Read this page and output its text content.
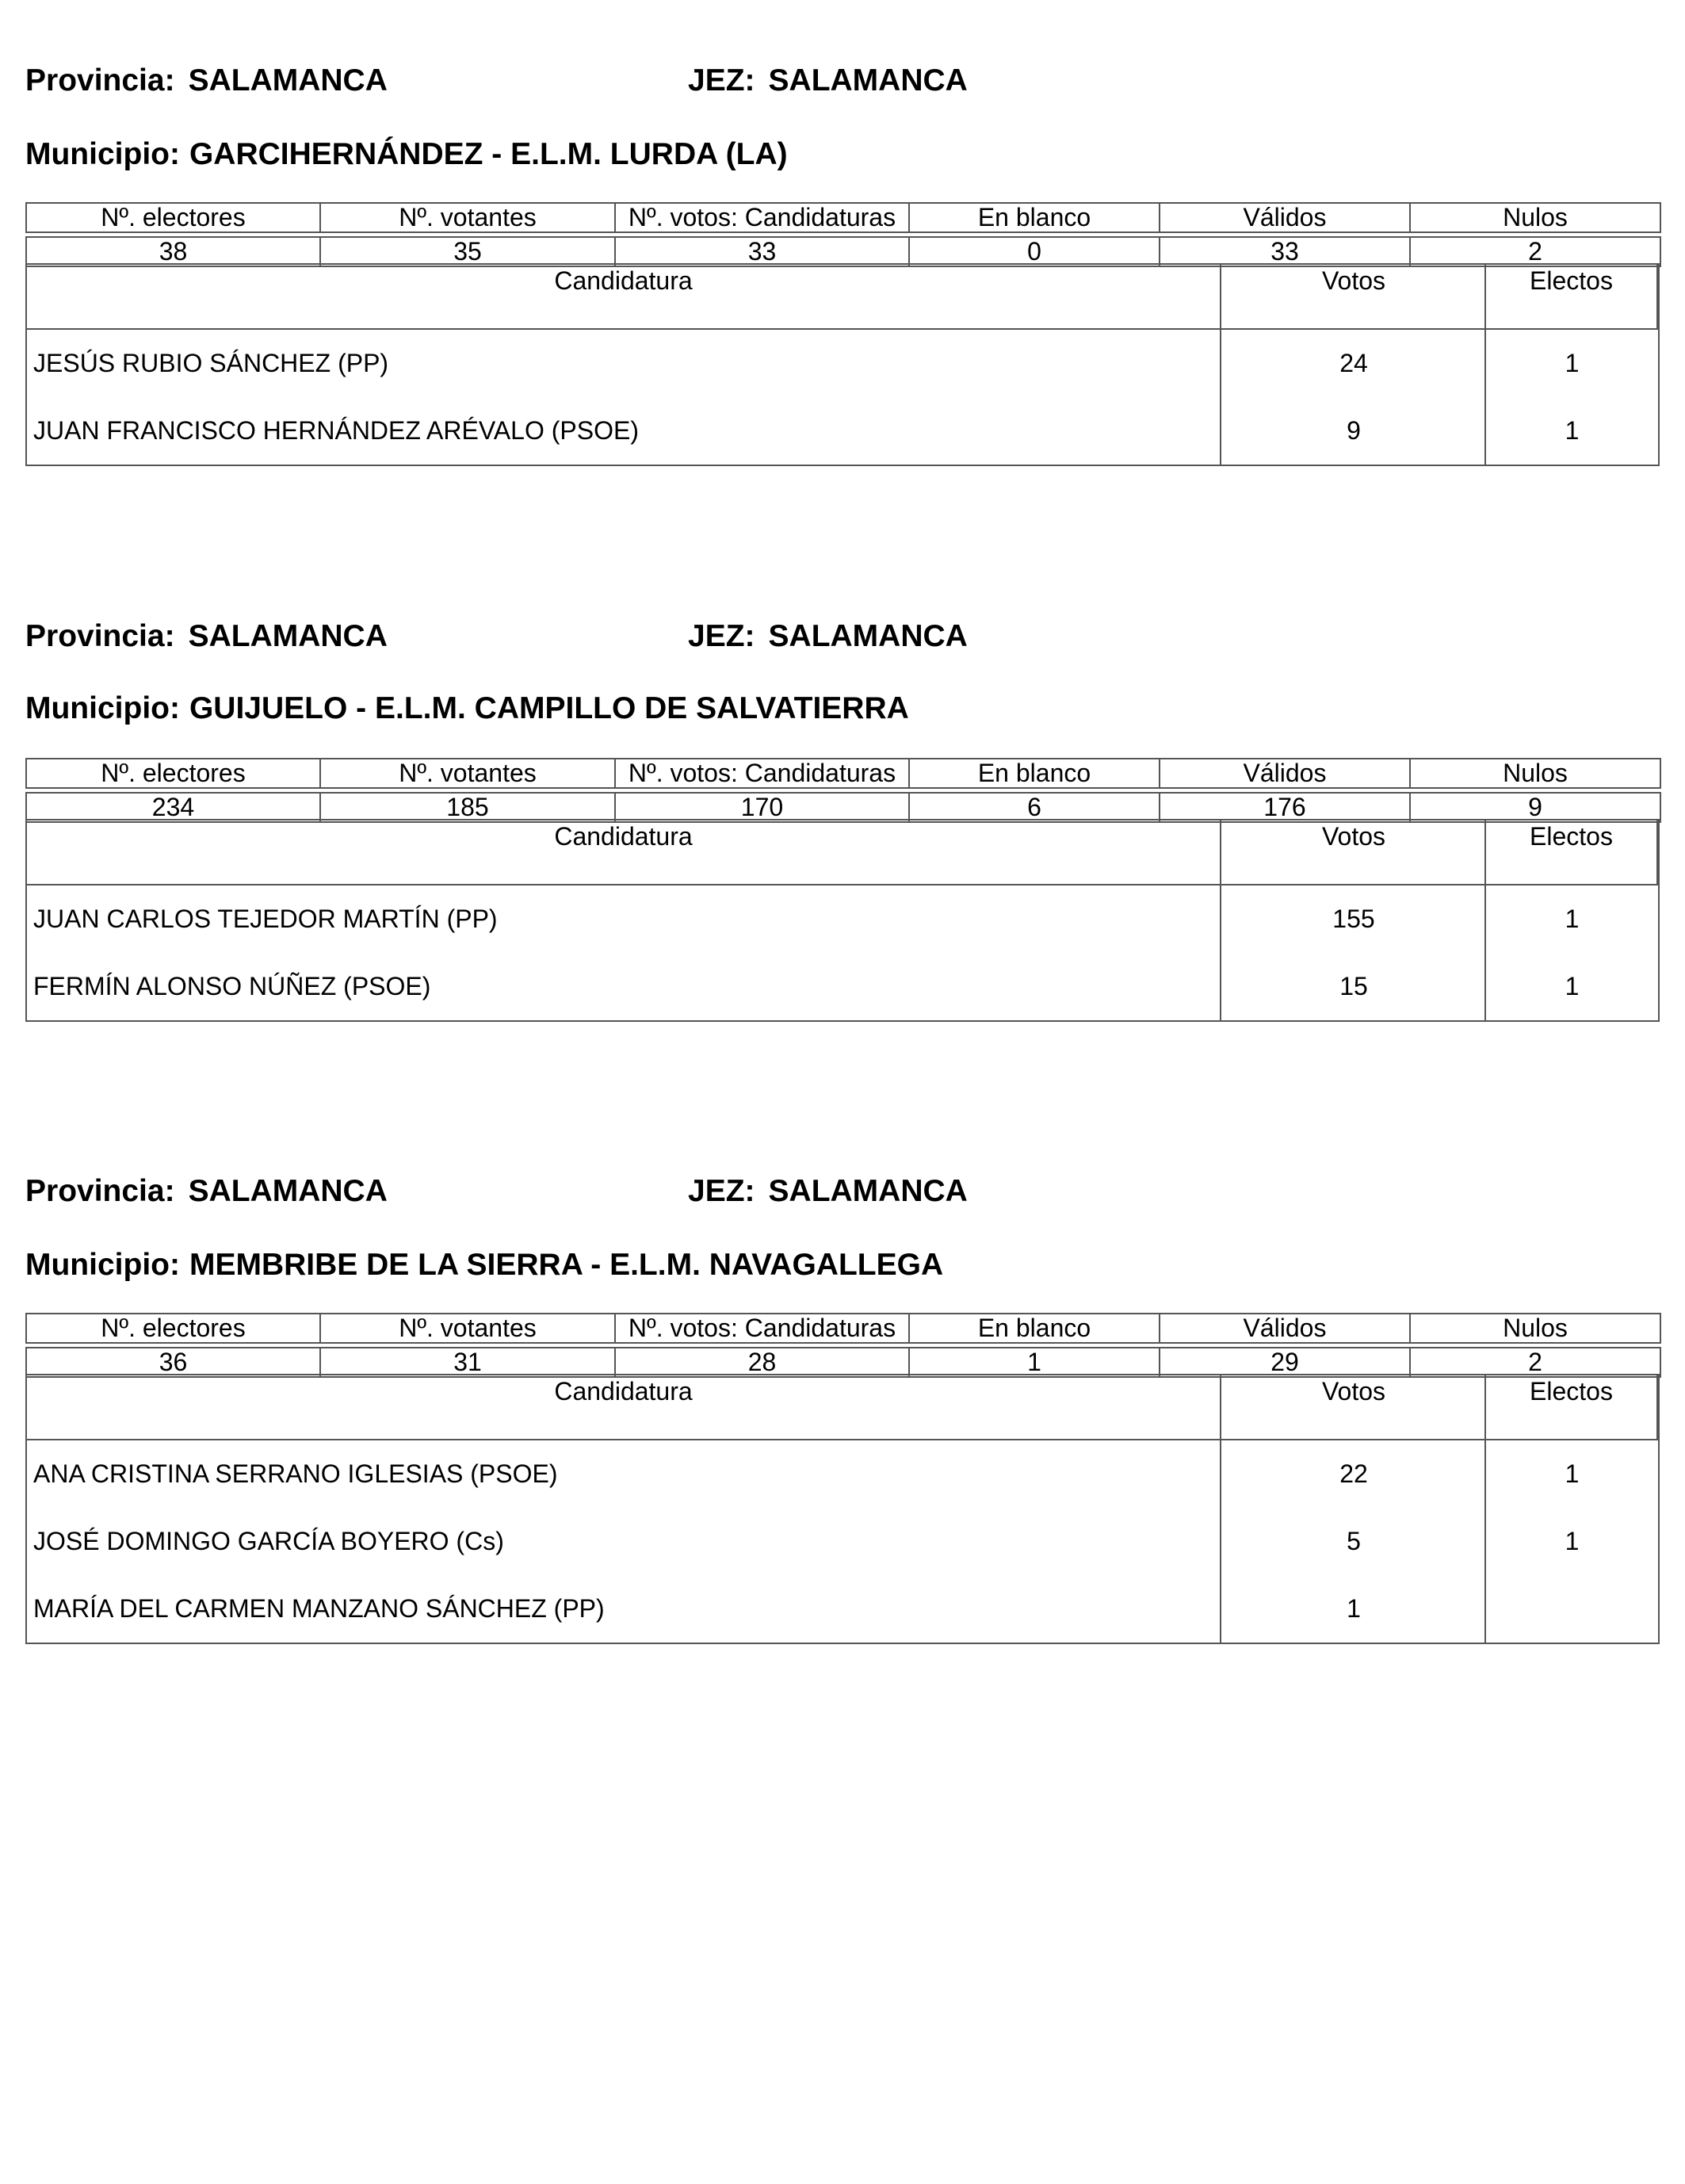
Provincia: SALAMANCA	JEZ: SALAMANCA
Municipio: GARCIHERNÁNDEZ - E.L.M. LURDA (LA)
Nº. electores	Nº. votantes	Nº. votos: Candidaturas	En blanco	Válidos	Nulos

38	35	33	0	33	2
Candidatura	Votos	Electos
JESÚS RUBIO SÁNCHEZ (PP)	24	1
JUAN FRANCISCO HERNÁNDEZ ARÉVALO (PSOE)	9	1
Provincia: SALAMANCA	JEZ: SALAMANCA
Municipio: GUIJUELO - E.L.M. CAMPILLO DE SALVATIERRA
Nº. electores	Nº. votantes	Nº. votos: Candidaturas	En blanco	Válidos	Nulos

234	185	170	6	176	9
Candidatura	Votos	Electos
JUAN CARLOS TEJEDOR MARTÍN (PP)	155	1
FERMÍN ALONSO NÚÑEZ (PSOE)	15	1
Provincia: SALAMANCA	JEZ: SALAMANCA
Municipio: MEMBRIBE DE LA SIERRA - E.L.M. NAVAGALLEGA
Nº. electores	Nº. votantes	Nº. votos: Candidaturas	En blanco	Válidos	Nulos

36	31	28	1	29	2
Candidatura	Votos	Electos
ANA CRISTINA SERRANO IGLESIAS (PSOE)	22	1
JOSÉ DOMINGO GARCÍA BOYERO (Cs)	5	1
MARÍA DEL CARMEN MANZANO SÁNCHEZ (PP)	1
